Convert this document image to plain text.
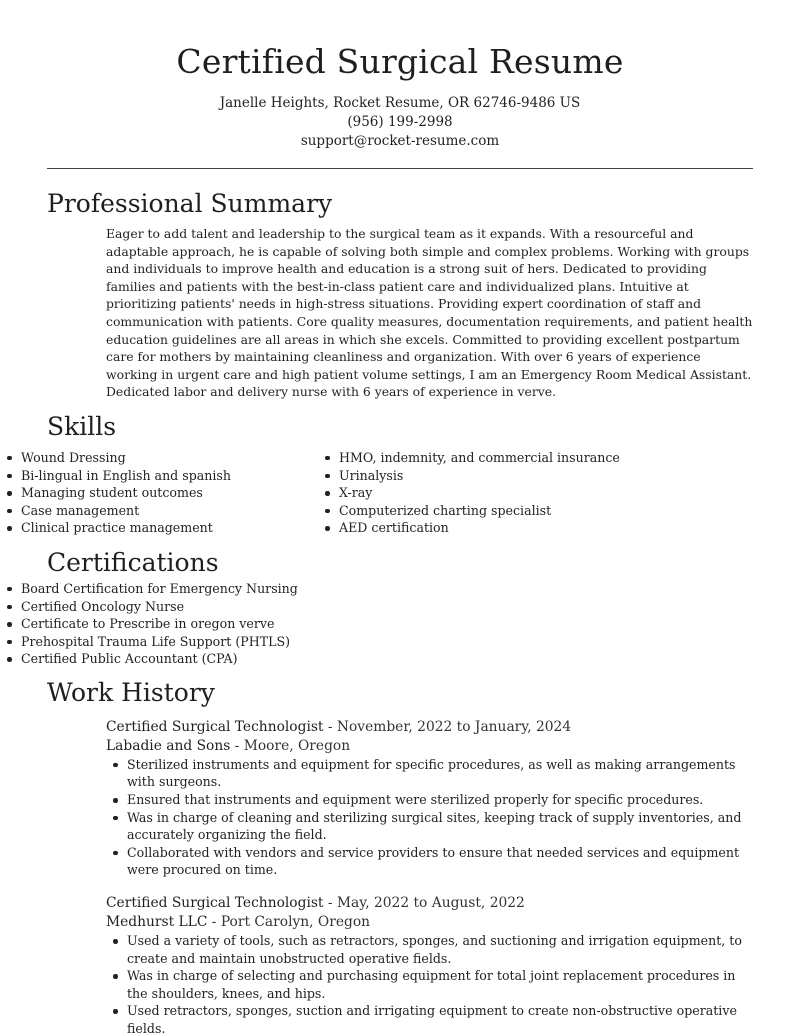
Certified Surgical Resume
Janelle Heights, Rocket Resume, OR 62746-9486 US
(956) 199-2998
support@rocket-resume.com
Professional Summary

Eager to add talent and leadership to the surgical team as it expands. With a resourceful and adaptable approach, he is capable of solving both simple and complex problems. Working with groups and individuals to improve health and education is a strong suit of hers. Dedicated to providing families and patients with the best-in-class patient care and individualized plans. Intuitive at prioritizing patients' needs in high-stress situations. Providing expert coordination of staff and communication with patients. Core quality measures, documentation requirements, and patient health education guidelines are all areas in which she excels. Committed to providing excellent postpartum care for mothers by maintaining cleanliness and organization. With over 6 years of experience working in urgent care and high patient volume settings, I am an Emergency Room Medical Assistant. Dedicated labor and delivery nurse with 6 years of experience in verve.

Skills
Wound Dressing
Bi-lingual in English and spanish
Managing student outcomes
Case management
Clinical practice management
HMO, indemnity, and commercial insurance
Urinalysis
X-ray
Computerized charting specialist
AED certification
Certifications
Board Certification for Emergency Nursing
Certified Oncology Nurse
Certificate to Prescribe in oregon verve
Prehospital Trauma Life Support (PHTLS)
Certified Public Accountant (CPA)
Work History
Certified Surgical Technologist - November, 2022 to January, 2024
Labadie and Sons - Moore, Oregon
Sterilized instruments and equipment for specific procedures, as well as making arrangements with surgeons.
Ensured that instruments and equipment were sterilized properly for specific procedures.
Was in charge of cleaning and sterilizing surgical sites, keeping track of supply inventories, and accurately organizing the field.
Collaborated with vendors and service providers to ensure that needed services and equipment were procured on time.
Certified Surgical Technologist - May, 2022 to August, 2022
Medhurst LLC - Port Carolyn, Oregon
Used a variety of tools, such as retractors, sponges, and suctioning and irrigation equipment, to create and maintain unobstructed operative fields.
Was in charge of selecting and purchasing equipment for total joint replacement procedures in the shoulders, knees, and hips.
Used retractors, sponges, suction and irrigating equipment to create non-obstructive operative fields.
